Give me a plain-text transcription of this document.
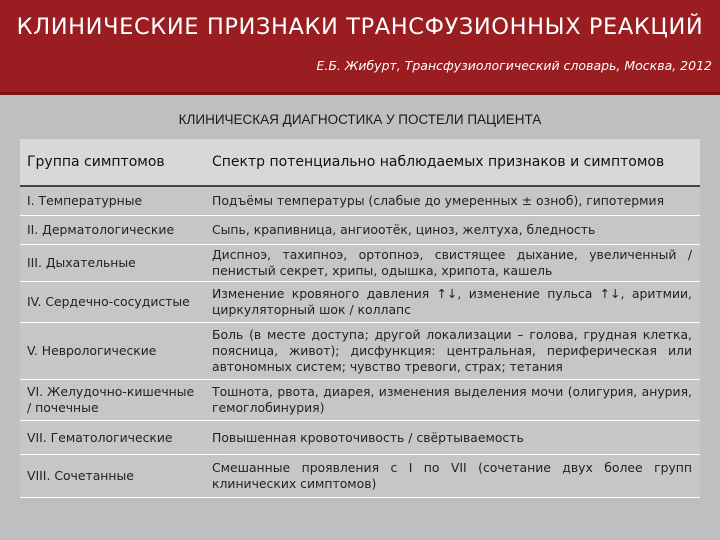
КЛИНИЧЕСКИЕ ПРИЗНАКИ ТРАНСФУЗИОННЫХ РЕАКЦИЙ
Е.Б. Жибурт, Трансфузиологический словарь, Москва, 2012
КЛИНИЧЕСКАЯ ДИАГНОСТИКА У ПОСТЕЛИ ПАЦИЕНТА
Группа симптомов	Спектр потенциально наблюдаемых признаков и симптомов
I. Температурные	Подъёмы температуры (слабые до умеренных ± озноб), гипотермия
II. Дерматологические	Сыпь, крапивница, ангиоотёк, циноз, желтуха, бледность
III. Дыхательные	Диспноэ, тахипноэ, ортопноэ, свистящее дыхание, увеличенный / пенистый секрет, хрипы, одышка, хрипота, кашель
IV. Сердечно-сосудистые	Изменение кровяного давления ↑↓, изменение пульса ↑↓, аритмии, циркуляторный шок / коллапс
V. Неврологические	Боль (в месте доступа; другой локализации – голова, грудная клетка, поясница, живот); дисфункция: центральная, периферическая или автономных систем; чувство тревоги, страх; тетания
VI. Желудочно-кишечные / почечные	Тошнота, рвота, диарея, изменения выделения мочи (олигурия, анурия, гемоглобинурия)
VII. Гематологические	Повышенная кровоточивость / свёртываемость
VIII. Сочетанные	Смешанные проявления с I по VII (сочетание двух более групп клинических симптомов)
